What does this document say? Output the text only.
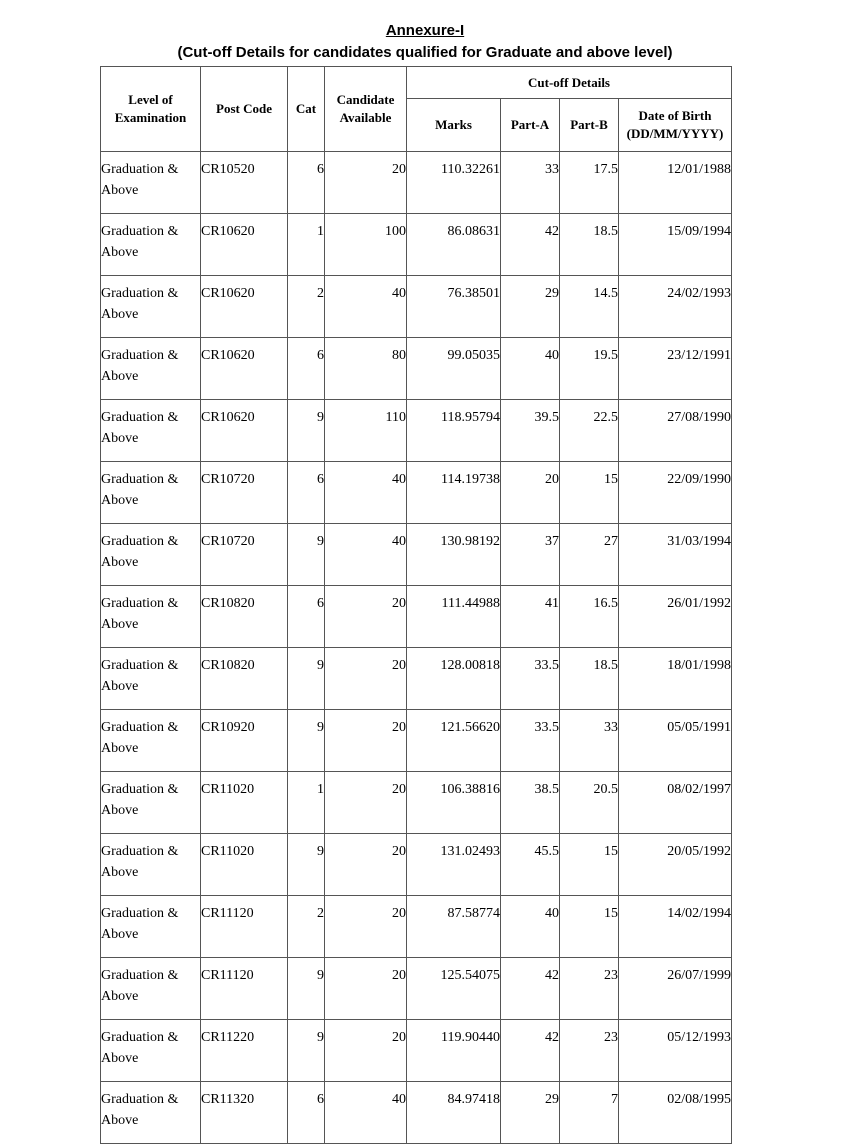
Annexure-I
(Cut-off Details for candidates qualified for Graduate and above level)
Level of Examination	Post Code	Cat	Candidate Available	Cut-off Details			
				Marks	Part-A	Part-B	Date of Birth (DD/MM/YYYY)
Graduation & Above	CR10520	6	20	110.32261	33	17.5	12/01/1988
Graduation & Above	CR10620	1	100	86.08631	42	18.5	15/09/1994
Graduation & Above	CR10620	2	40	76.38501	29	14.5	24/02/1993
Graduation & Above	CR10620	6	80	99.05035	40	19.5	23/12/1991
Graduation & Above	CR10620	9	110	118.95794	39.5	22.5	27/08/1990
Graduation & Above	CR10720	6	40	114.19738	20	15	22/09/1990
Graduation & Above	CR10720	9	40	130.98192	37	27	31/03/1994
Graduation & Above	CR10820	6	20	111.44988	41	16.5	26/01/1992
Graduation & Above	CR10820	9	20	128.00818	33.5	18.5	18/01/1998
Graduation & Above	CR10920	9	20	121.56620	33.5	33	05/05/1991
Graduation & Above	CR11020	1	20	106.38816	38.5	20.5	08/02/1997
Graduation & Above	CR11020	9	20	131.02493	45.5	15	20/05/1992
Graduation & Above	CR11120	2	20	87.58774	40	15	14/02/1994
Graduation & Above	CR11120	9	20	125.54075	42	23	26/07/1999
Graduation & Above	CR11220	9	20	119.90440	42	23	05/12/1993
Graduation & Above	CR11320	6	40	84.97418	29	7	02/08/1995
